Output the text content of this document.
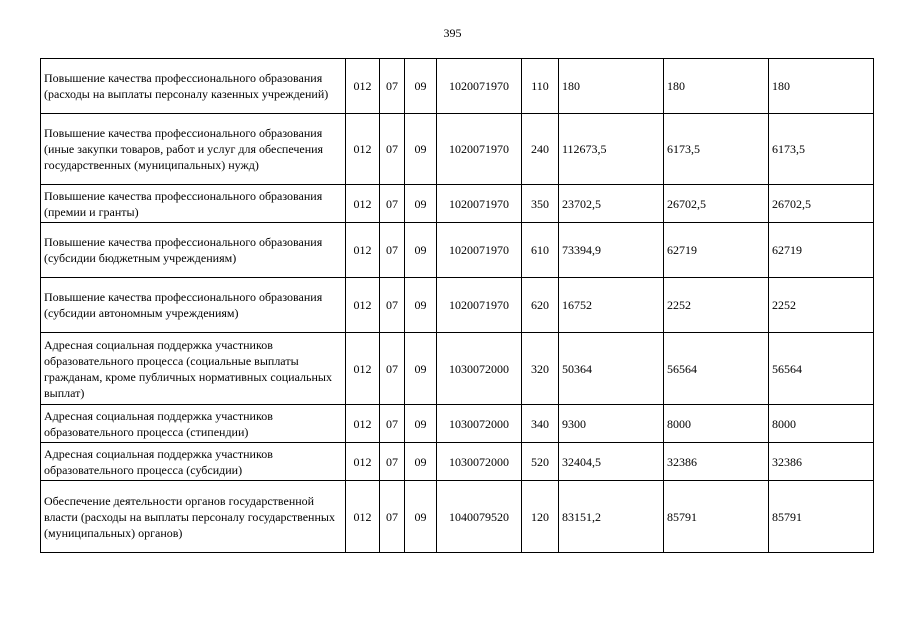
395
Повышение качества профессионального образования (расходы на выплаты персоналу казенных учреждений)	012	07	09	1020071970	110	180	180	180
Повышение качества профессионального образования (иные закупки товаров, работ и услуг для обеспечения государственных (муниципальных) нужд)	012	07	09	1020071970	240	112673,5	6173,5	6173,5
Повышение качества профессионального образования (премии и гранты)	012	07	09	1020071970	350	23702,5	26702,5	26702,5
Повышение качества профессионального образования (субсидии бюджетным учреждениям)	012	07	09	1020071970	610	73394,9	62719	62719
Повышение качества профессионального образования (субсидии автономным учреждениям)	012	07	09	1020071970	620	16752	2252	2252
Адресная социальная поддержка участников образовательного процесса (социальные выплаты гражданам, кроме публичных нормативных социальных выплат)	012	07	09	1030072000	320	50364	56564	56564
Адресная социальная поддержка участников образовательного процесса (стипендии)	012	07	09	1030072000	340	9300	8000	8000
Адресная социальная поддержка участников образовательного процесса (субсидии)	012	07	09	1030072000	520	32404,5	32386	32386
Обеспечение деятельности органов государственной власти (расходы на выплаты персоналу государственных (муниципальных) органов)	012	07	09	1040079520	120	83151,2	85791	85791
